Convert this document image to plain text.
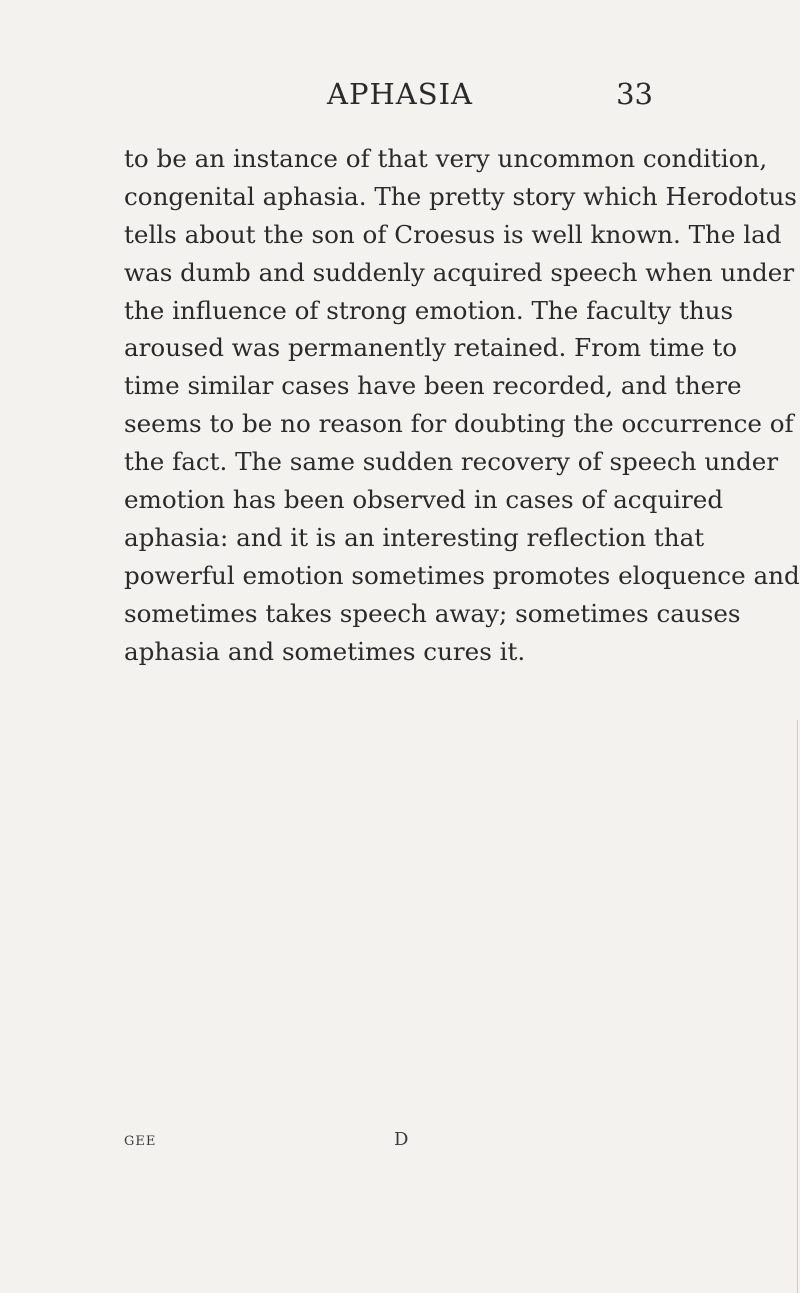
APHASIA	33
to be an instance of that very uncommon condition,
congenital aphasia. The pretty story which Herodotus
tells about the son of Croesus is well known. The lad
was dumb and suddenly acquired speech when under
the influence of strong emotion. The faculty thus
aroused was permanently retained. From time to
time similar cases have been recorded, and there
seems to be no reason for doubting the occurrence of
the fact. The same sudden recovery of speech under
emotion has been observed in cases of acquired
aphasia: and it is an interesting reflection that
powerful emotion sometimes promotes eloquence and
sometimes takes speech away; sometimes causes
aphasia and sometimes cures it.
GEE	D
